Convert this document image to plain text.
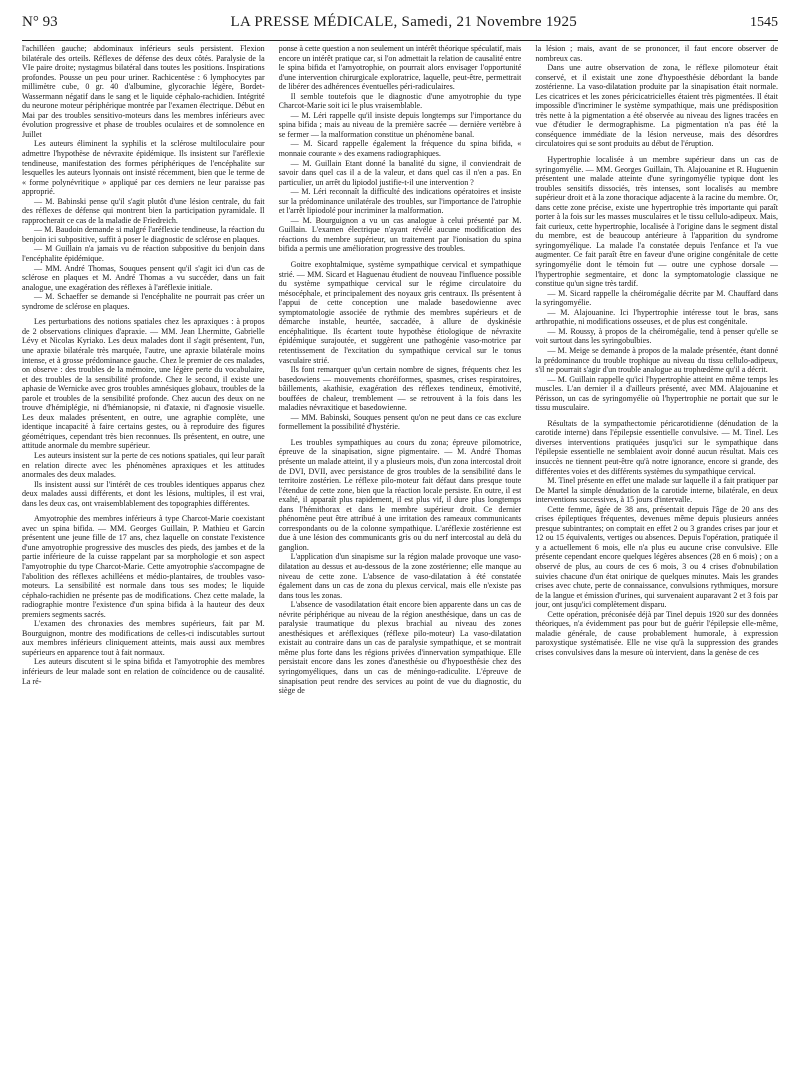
N° 93	LA PRESSE MÉDICALE, Samedi, 21 Novembre 1925	1545

l'achilléen gauche; abdominaux inférieurs seuls persistent. Flexion bilatérale des orteils. Réflexes de défense des deux côtés. Paralysie de la VIe paire droite; nystagmus bilatéral dans toutes les positions. Inspirations profondes. Pousse un peu pour uriner. Rachicentèse : 6 lymphocytes par millimètre cube, 0 gr. 40 d'albumine, glycorachie légère, Bordet-Wassermann négatif dans le sang et le liquide céphalo-rachidien. Intégrité du neurone moteur périphérique montrée par l'examen électrique. Début en Mai par des troubles sensitivo-moteurs dans les membres inférieurs avec évolution progressive et phase de troubles oculaires et de somnolence en Juillet

Les auteurs éliminent la syphilis et la sclérose multiloculaire pour admettre l'hypothèse de névraxite épidémique. Ils insistent sur l'aréflexie tendineuse, manifestation des formes périphériques de l'encéphalite sur lesquelles les auteurs lyonnais ont insisté récemment, bien que le terme de « forme polynévritique » appliqué par ces derniers ne leur paraisse pas approprié.

— M. Babinski pense qu'il s'agit plutôt d'une lésion centrale, du fait des réflexes de défense qui montrent bien la participation pyramidale. Il rapprocherait ce cas de la maladie de Friedreich.

— M. Baudoin demande si malgré l'aréflexie tendineuse, la réaction du benjoin ici subpositive, suffit à poser le diagnostic de sclérose en plaques.

— M Guillain n'a jamais vu de réaction subpositive du benjoin dans l'encéphalite épidémique.

— MM. André Thomas, Souques pensent qu'il s'agit ici d'un cas de sclérose en plaques et M. André Thomas a vu succéder, dans un fait analogue, une exagération des réflexes à l'aréflexie initiale.

— M. Schaeffer se demande si l'encéphalite ne pourrait pas créer un syndrome de sclérose en plaques.

Les perturbations des notions spatiales chez les apraxiques : à propos de 2 observations cliniques d'apraxie. — MM. Jean Lhermitte, Gabrielle Lévy et Nicolas Kyriako. Les deux malades dont il s'agit présentent, l'un, une apraxie bilatérale très marquée, l'autre, une apraxie bilatérale moins intense, et à grosse prédominance gauche. Chez le premier de ces malades, on observe : des troubles de la mémoire, une légère perte du vocabulaire, et des troubles de la sensibilité profonde. Chez le second, il existe une aphasie de Wernicke avec gros troubles amnésiques globaux, troubles de la parole et troubles de la sensibilité profonde. Chez aucun des deux on ne trouve d'hémiplégie, ni d'hémianopsie, ni d'ataxie, ni d'agnosie visuelle. Les deux malades présentent, en outre, une agraphie complète, une identique incapacité à faire certains gestes, ou à reproduire des figures géométriques, cependant très bien reconnues. Ils présentent, en outre, une attitude anormale du membre supérieur.

Les auteurs insistent sur la perte de ces notions spatiales, qui leur paraît en relation directe avec les phénomènes apraxiques et les attitudes anormales des deux malades.

Ils insistent aussi sur l'intérêt de ces troubles identiques apparus chez deux malades aussi différents, et dont les lésions, multiples, il est vrai, dans les deux cas, ont vraisemblablement des topographies différentes.

Amyotrophie des membres inférieurs à type Charcot-Marie coexistant avec un spina bifida. — MM. Georges Guillain, P. Mathieu et Garcin présentent une jeune fille de 17 ans, chez laquelle on constate l'existence d'une amyotrophie progressive des muscles des pieds, des jambes et de la partie inférieure de la cuisse rappelant par sa morphologie et son aspect l'amyotrophie du type Charcot-Marie. Cette amyotrophie s'accompagne de l'abolition des réflexes achilléens et médio-plantaires, de troubles vaso-moteurs. La sensibilité est normale dans tous ses modes; le liquide céphalo-rachidien ne présente pas de modifications. Chez cette malade, la radiographie montre l'existence d'un spina bifida à la hauteur des deux premiers segments sacrés.

L'examen des chronaxies des membres supérieurs, fait par M. Bourguignon, montre des modifications de celles-ci indiscutables surtout aux membres inférieurs cliniquement atteints, mais aussi aux membres supérieurs en apparence tout à fait normaux.

Les auteurs discutent si le spina bifida et l'amyotrophie des membres inférieurs de leur malade sont en relation de coïncidence ou de causalité. La ré-

ponse à cette question a non seulement un intérêt théorique spéculatif, mais encore un intérêt pratique car, si l'on admettait la relation de causalité entre le spina bifida et l'amyotrophie, on pourrait alors envisager l'opportunité d'une intervention chirurgicale exploratrice, laquelle, peut-être, permettrait de libérer des adhérences éventuelles péri-radiculaires.

Il semble toutefois que le diagnostic d'une amyotrophie du type Charcot-Marie soit ici le plus vraisemblable.

— M. Léri rappelle qu'il insiste depuis longtemps sur l'importance du spina bifida ; mais au niveau de la première sacrée — dernière vertèbre à se fermer — la malformation constitue un phénomène banal.

— M. Sicard rappelle également la fréquence du spina bifida, « monnaie courante » des examens radiographiques.

— M. Guillain Etant donné la banalité du signe, il conviendrait de savoir dans quel cas il a de la valeur, et dans quel cas il n'en a pas. En particulier, un arrêt du lipiodol justifie-t-il une intervention ?

— M. Léri reconnaît la difficulté des indications opératoires et insiste sur la prédominance unilatérale des troubles, sur l'importance de l'atrophie et l'arrêt lipiodolé pour incriminer la malformation.

— M. Bourguignon a vu un cas analogue à celui présenté par M. Guillain. L'examen électrique n'ayant révélé aucune modification des réactions du membre supérieur, un traitement par l'ionisation du spina bifida a permis une amélioration progressive des troubles.

Goitre exophtalmique, système sympathique cervical et sympathique strié. — MM. Sicard et Haguenau étudient de nouveau l'influence possible du système sympathique cervical sur le régime circulatoire du mésocéphale, et principalement des noyaux gris centraux. Ils présentent à l'appui de cette conception une malade basedowienne avec symptomatologie associée de rythmie des membres supérieurs et de démarche instable, heurtée, saccadée, à allure de dyskinésie encéphalitique. Ils écartent toute hypothèse étiologique de névraxite épidémique surajoutée, et suggèrent une pathogénie vaso-motrice par retentissement de l'excitation du sympathique cervical sur le tonus vasculaire strié.

Ils font remarquer qu'un certain nombre de signes, fréquents chez les basedowiens — mouvements choréiformes, spasmes, crises respiratoires, bâillements, akathisie, exagération des réflexes tendineux, émotivité, bouffées de chaleur, tremblement — se retrouvent à la fois dans les maladies névraxitique et basedowienne.

— MM. Babinski, Souques pensent qu'on ne peut dans ce cas exclure formellement la possibilité d'hystérie.

Les troubles sympathiques au cours du zona; épreuve pilomotrice, épreuve de la sinapisation, signe pigmentaire. — M. André Thomas présente un malade atteint, il y a plusieurs mois, d'un zona intercostal droit de DVI, DVII, avec persistance de gros troubles de la sensibilité dans le territoire zostérien. Le réflexe pilo-moteur fait défaut dans presque toute l'étendue de cette zone, bien que la réaction locale persiste. En outre, il est exalté, il apparaît plus rapidement, il est plus vif, il dure plus longtemps dans l'hémithorax et dans le membre supérieur droit. Ce dernier phénomène peut être attribué à une irritation des rameaux communicants correspondants ou de la colonne sympathique. L'aréflexie zostérienne est due à une lésion des communicants gris ou du nerf intercostal au delà du ganglion.

L'application d'un sinapisme sur la région malade provoque une vaso-dilatation au dessus et au-dessous de la zone zostérienne; elle manque au niveau de cette zone. L'absence de vaso-dilatation à été constatée également dans un cas de zona du plexus cervical, mais elle n'existe pas dans tous les zonas.

L'absence de vasodilatation était encore bien apparente dans un cas de névrite périphérique au niveau de la région anesthésique, dans un cas de paralysie traumatique du plexus brachial au niveau des zones anesthésiques et aréflexiques (réflexe pilo-moteur) La vaso-dilatation existait au contraire dans un cas de paralysie sympathique, et se montrait même plus forte dans les régions privées d'innervation sympathique. Elle persistait encore dans les zones d'anesthésie ou d'hypoesthésie chez des syringomyéliques, dans un cas de méningo-radiculite. L'épreuve de sinapisation peut rendre des services au point de vue du diagnostic, du siège de

la lésion ; mais, avant de se prononcer, il faut encore observer de nombreux cas.

Dans une autre observation de zona, le réflexe pilomoteur était conservé, et il existait une zone d'hypoesthésie débordant la bande zostérienne. La vaso-dilatation produite par la sinapisation était normale. Les cicatrices et les zones péricicatricielles étaient très pigmentées. Il était impossible d'incriminer le système sympathique, mais une prédisposition très nette à la pigmentation a été observée au niveau des lignes tracées en vue d'étudier le dermographisme. La pigmentation n'a pas été la conséquence immédiate de la lésion nerveuse, mais des désordres circulatoires qui se sont produits au début de l'éruption.

Hypertrophie localisée à un membre supérieur dans un cas de syringomyélie. — MM. Georges Guillain, Th. Alajouanine et R. Huguenin présentent une malade atteinte d'une syringomyélie typique dont les troubles sensitifs dissociés, très intenses, sont localisés au membre supérieur droit et à la zone thoracique adjacente à la racine du membre. Or, dans cette zone précise, existe une hypertrophie très importante qui paraît porter à la fois sur les masses musculaires et le tissu cellulo-adipeux. Mais, fait curieux, cette hypertrophie, localisée à l'origine dans le segment distal du membre, est de beaucoup antérieure à l'apparition du syndrome syringomyélique. La malade l'a constatée depuis l'enfance et l'a vue augmenter. Ce fait paraît être en faveur d'une origine congénitale de cette syringomyélie dont le témoin fut — outre une cyphose dorsale — l'hypertrophie segmentaire, et donc la symptomatologie classique ne constitue qu'un signe très tardif.

— M. Sicard rappelle la chéiromégalie décrite par M. Chauffard dans la syringomyélie.

— M. Alajouanine. Ici l'hypertrophie intéresse tout le bras, sans arthropathie, ni modifications osseuses, et de plus est congénitale.

— M. Roussy, à propos de la chéiromégalie, tend à penser qu'elle se voit surtout dans les syringobulbies.

— M. Meige se demande à propos de la malade présentée, étant donné la prédominance du trouble trophique au niveau du tissu cellulo-adipeux, s'il ne pourrait s'agir d'un trouble analogue au trophœdème qu'il a décrit.

— M. Guillain rappelle qu'ici l'hypertrophie atteint en même temps les muscles. L'an dernier il a d'ailleurs présenté, avec MM. Alajouanine et Périsson, un cas de syringomyélie où l'hypertrophie ne portait que sur le tissu musculaire.

Résultats de la sympathectomie péricarotidienne (dénudation de la carotide interne) dans l'épilepsie essentielle convulsive. — M. Tinel. Les diverses interventions pratiquées jusqu'ici sur le sympathique dans l'épilepsie essentielle ne semblaient avoir donné aucun résultat. Mais ces insuccès ne tiennent peut-être qu'à notre ignorance, encore si grande, des différentes voies et des différents systèmes du sympathique cervical.

M. Tinel présente en effet une malade sur laquelle il a fait pratiquer par De Martel la simple dénudation de la carotide interne, bilatérale, en deux interventions successives, à 15 jours d'intervalle.

Cette femme, âgée de 38 ans, présentait depuis l'âge de 20 ans des crises épileptiques fréquentes, devenues même depuis plusieurs années presque subintrantes; on comptait en effet 2 ou 3 grandes crises par jour et 12 ou 15 équivalents, vertiges ou absences. Depuis l'opération, pratiquée il y a actuellement 6 mois, elle n'a plus eu aucune crise convulsive. Elle présente cependant encore quelques légères absences (28 en 6 mois) ; on a observé de plus, au cours de ces 6 mois, 3 ou 4 crises d'obnubilation suivies chacune d'un état onirique de quelques minutes. Mais les grandes crises avec chute, perte de connaissance, convulsions rythmiques, morsure de la langue et émission d'urines, qui survenaient auparavant 2 et 3 fois par jour, ont jusqu'ici complètement disparu.

Cette opération, préconisée déjà par Tinel depuis 1920 sur des données théoriques, n'a évidemment pas pour but de guérir l'épilepsie elle-même, maladie générale, de cause probablement humorale, à expression paroxystique systématisée. Elle ne vise qu'à la suppression des grandes crises convulsives dans la mesure où intervient, dans la genèse de ces
